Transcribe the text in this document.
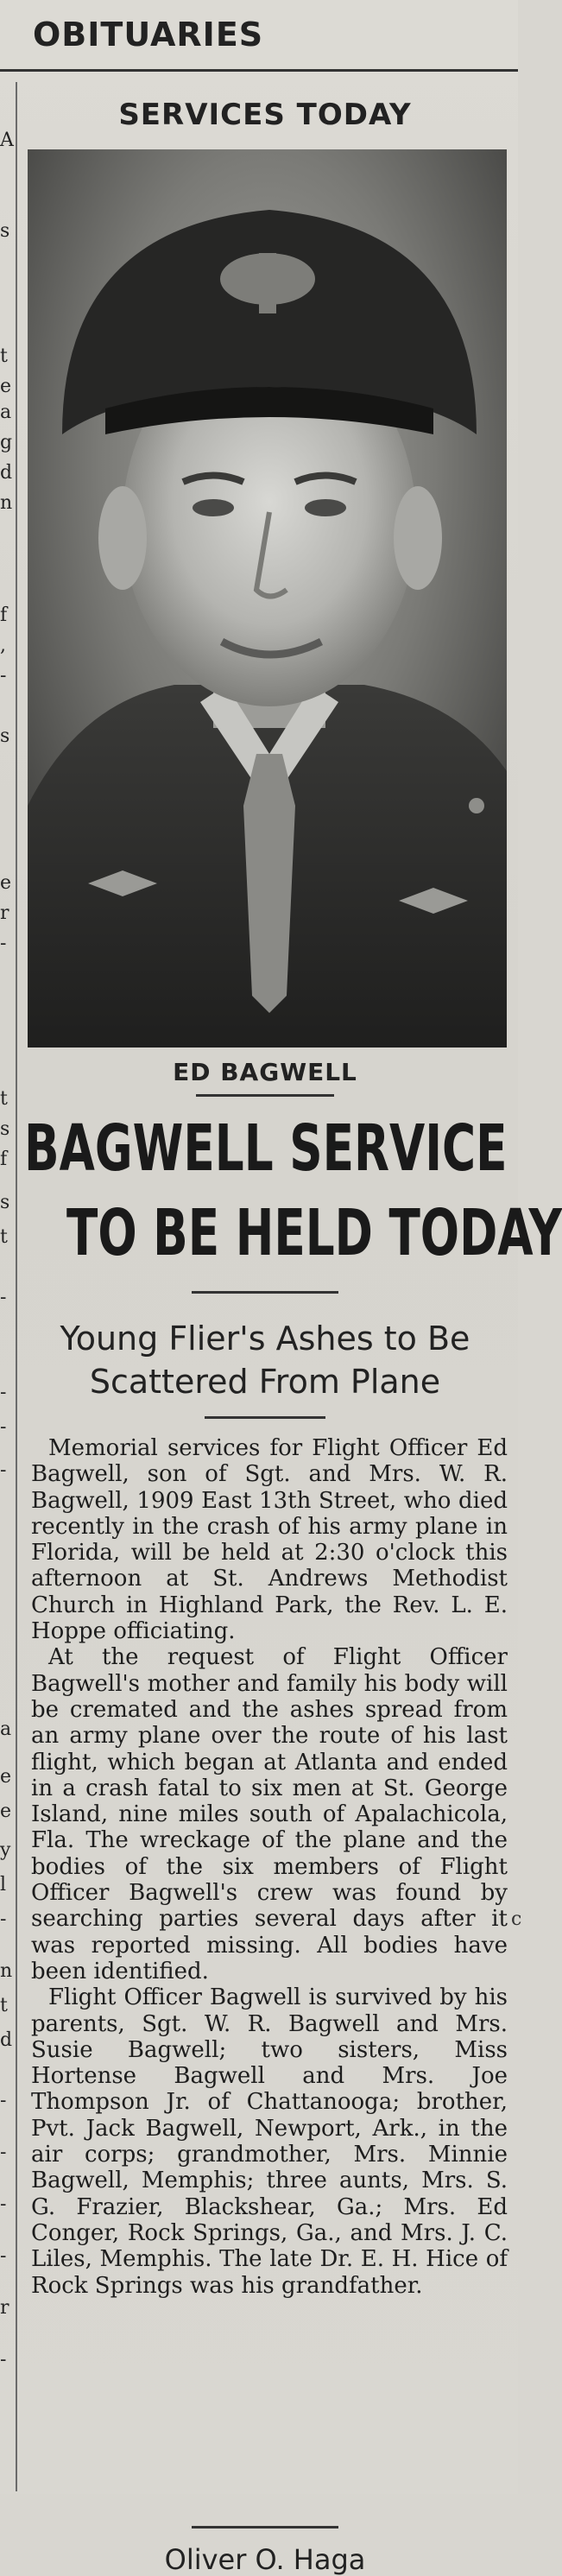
OBITUARIES
A
s
t
e
a
g
d
n
f
,
-
s
e
r
-
t
s
f
s
t
-
-
-
-
a
e
e
y
l
-
n
t
d
-
-
-
-
r
-
c
SERVICES TODAY
ED BAGWELL
BAGWELL SERVICE
TO BE HELD TODAY
Young Flier's Ashes to Be
Scattered From Plane

Memorial services for Flight Officer Ed Bagwell, son of Sgt. and Mrs. W. R. Bagwell, 1909 East 13th Street, who died recently in the crash of his army plane in Florida, will be held at 2:30 o'clock this afternoon at St. Andrews Methodist Church in Highland Park, the Rev. L. E. Hoppe officiating.

At the request of Flight Officer Bagwell's mother and family his body will be cremated and the ashes spread from an army plane over the route of his last flight, which began at Atlanta and ended in a crash fatal to six men at St. George Island, nine miles south of Apalachicola, Fla. The wreckage of the plane and the bodies of the six members of Flight Officer Bagwell's crew was found by searching parties several days after it was reported missing. All bodies have been identified.

Flight Officer Bagwell is survived by his parents, Sgt. W. R. Bagwell and Mrs. Susie Bagwell; two sisters, Miss Hortense Bagwell and Mrs. Joe Thompson Jr. of Chattanooga; brother, Pvt. Jack Bagwell, Newport, Ark., in the air corps; grandmother, Mrs. Minnie Bagwell, Memphis; three aunts, Mrs. S. G. Frazier, Blackshear, Ga.; Mrs. Ed Conger, Rock Springs, Ga., and Mrs. J. C. Liles, Memphis. The late Dr. E. H. Hice of Rock Springs was his grandfather.

Oliver O. Haga
